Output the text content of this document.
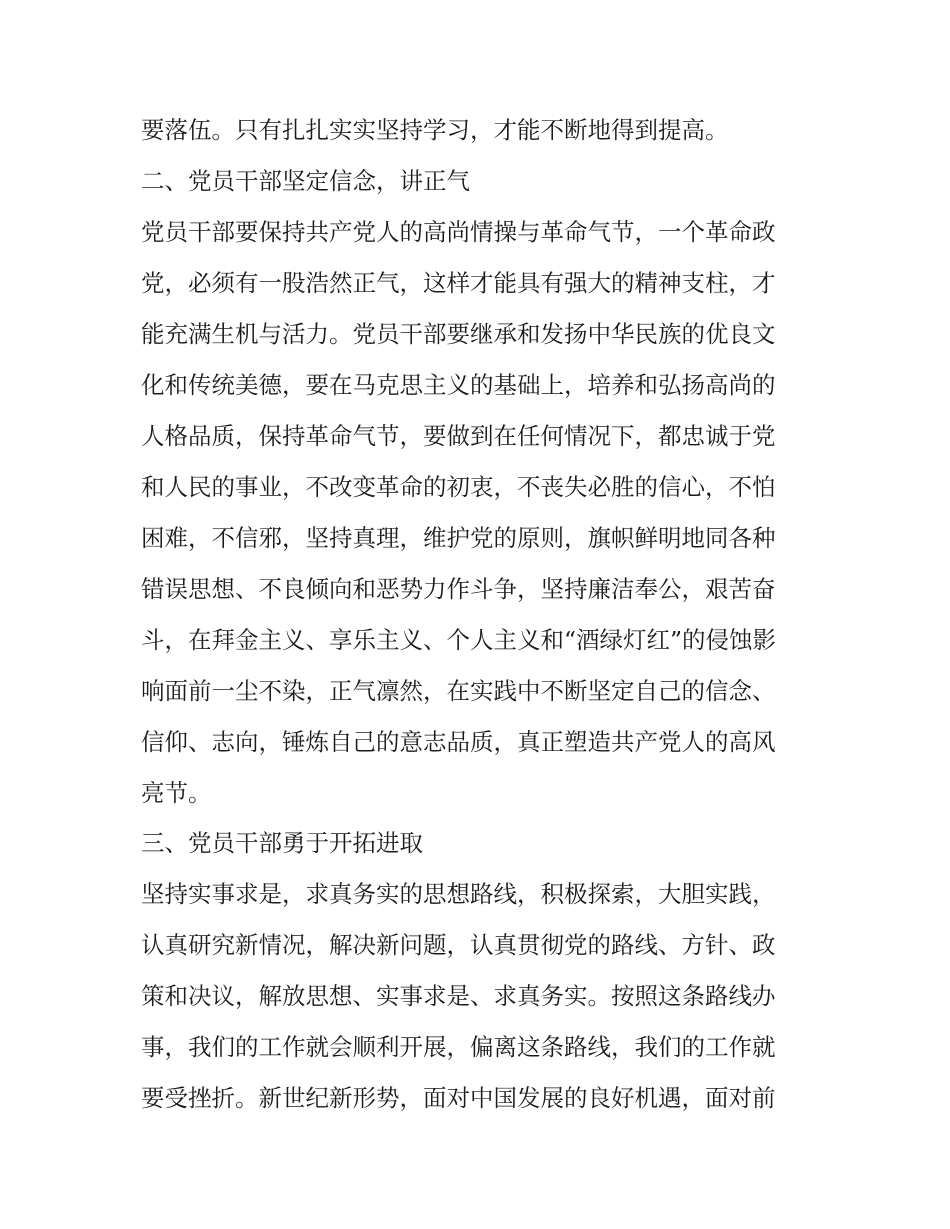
要落伍。只有扎扎实实坚持学习，才能不断地得到提高。
二、党员干部坚定信念，讲正气
党员干部要保持共产党人的高尚情操与革命气节，一个革命政
党，必须有一股浩然正气，这样才能具有强大的精神支柱，才
能充满生机与活力。党员干部要继承和发扬中华民族的优良文
化和传统美德，要在马克思主义的基础上，培养和弘扬高尚的
人格品质，保持革命气节，要做到在任何情况下，都忠诚于党
和人民的事业，不改变革命的初衷，不丧失必胜的信心，不怕
困难，不信邪，坚持真理，维护党的原则，旗帜鲜明地同各种
错误思想、不良倾向和恶势力作斗争，坚持廉洁奉公，艰苦奋
斗，在拜金主义、享乐主义、个人主义和“酒绿灯红”的侵蚀影
响面前一尘不染，正气凛然，在实践中不断坚定自己的信念、
信仰、志向，锤炼自己的意志品质，真正塑造共产党人的高风
亮节。
三、党员干部勇于开拓进取
坚持实事求是，求真务实的思想路线，积极探索，大胆实践，
认真研究新情况，解决新问题，认真贯彻党的路线、方针、政
策和决议，解放思想、实事求是、求真务实。按照这条路线办
事，我们的工作就会顺利开展，偏离这条路线，我们的工作就
要受挫折。新世纪新形势，面对中国发展的良好机遇，面对前
